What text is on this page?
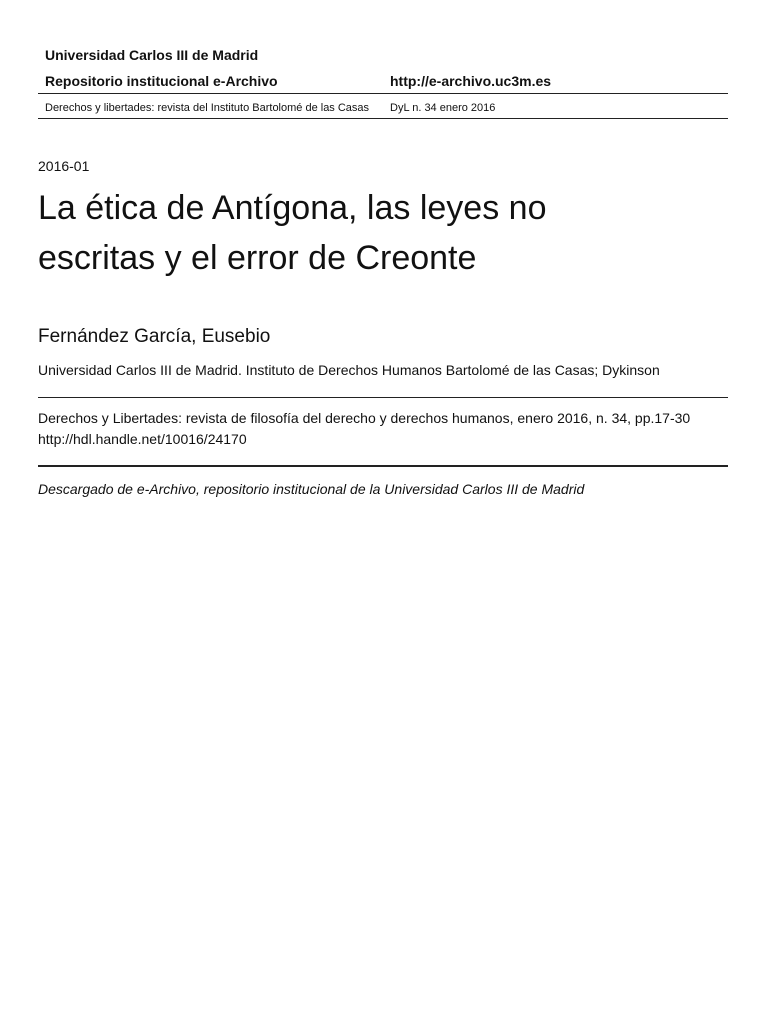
Universidad Carlos III de Madrid
Repositorio institucional e-Archivo	http://e-archivo.uc3m.es
Derechos y libertades: revista del Instituto Bartolomé de las Casas DyL n. 34 enero 2016
2016-01
La ética de Antígona, las leyes no escritas y el error de Creonte
Fernández García, Eusebio
Universidad Carlos III de Madrid. Instituto de Derechos Humanos Bartolomé de las Casas; Dykinson
Derechos y Libertades: revista de filosofía del derecho y derechos humanos, enero 2016, n. 34, pp.17-30
http://hdl.handle.net/10016/24170
Descargado de e-Archivo, repositorio institucional de la Universidad Carlos III de Madrid
